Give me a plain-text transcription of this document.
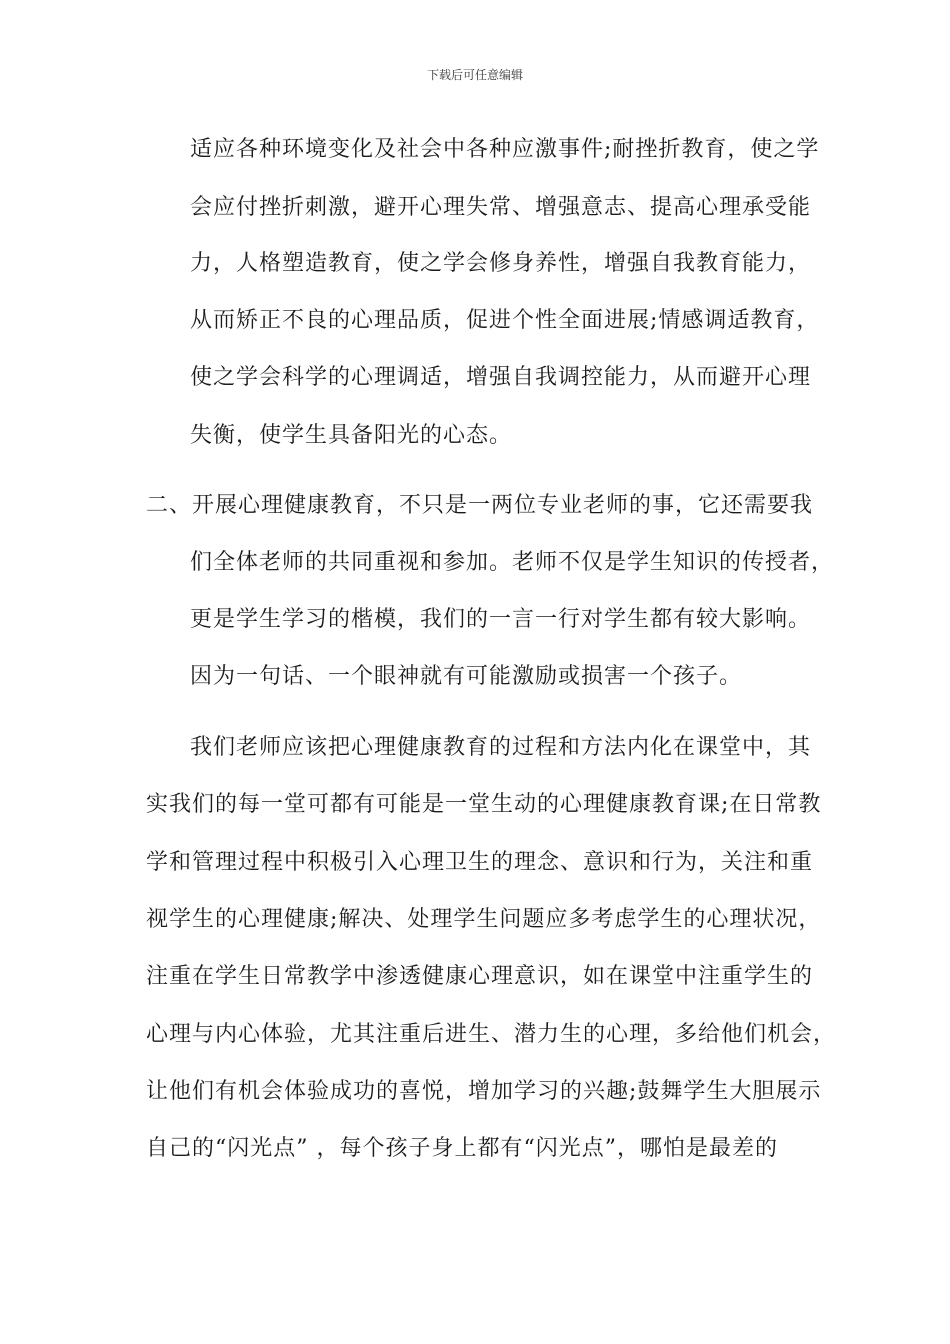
下载后可任意编辑
适应各种环境变化及社会中各种应激事件;耐挫折教育，使之学
会应付挫折刺激，避开心理失常、增强意志、提高心理承受能
力，人格塑造教育，使之学会修身养性，增强自我教育能力，
从而矫正不良的心理品质，促进个性全面进展;情感调适教育，
使之学会科学的心理调适，增强自我调控能力，从而避开心理
失衡，使学生具备阳光的心态。
二、开展心理健康教育，不只是一两位专业老师的事，它还需要我
们全体老师的共同重视和参加。老师不仅是学生知识的传授者，
更是学生学习的楷模，我们的一言一行对学生都有较大影响。
因为一句话、一个眼神就有可能激励或损害一个孩子。
我们老师应该把心理健康教育的过程和方法内化在课堂中，其
实我们的每一堂可都有可能是一堂生动的心理健康教育课;在日常教
学和管理过程中积极引入心理卫生的理念、意识和行为，关注和重
视学生的心理健康;解决、处理学生问题应多考虑学生的心理状况，
注重在学生日常教学中渗透健康心理意识，如在课堂中注重学生的
心理与内心体验，尤其注重后进生、潜力生的心理，多给他们机会，
让他们有机会体验成功的喜悦，增加学习的兴趣;鼓舞学生大胆展示
自己的“闪光点” ，每个孩子身上都有“闪光点”，哪怕是最差的
